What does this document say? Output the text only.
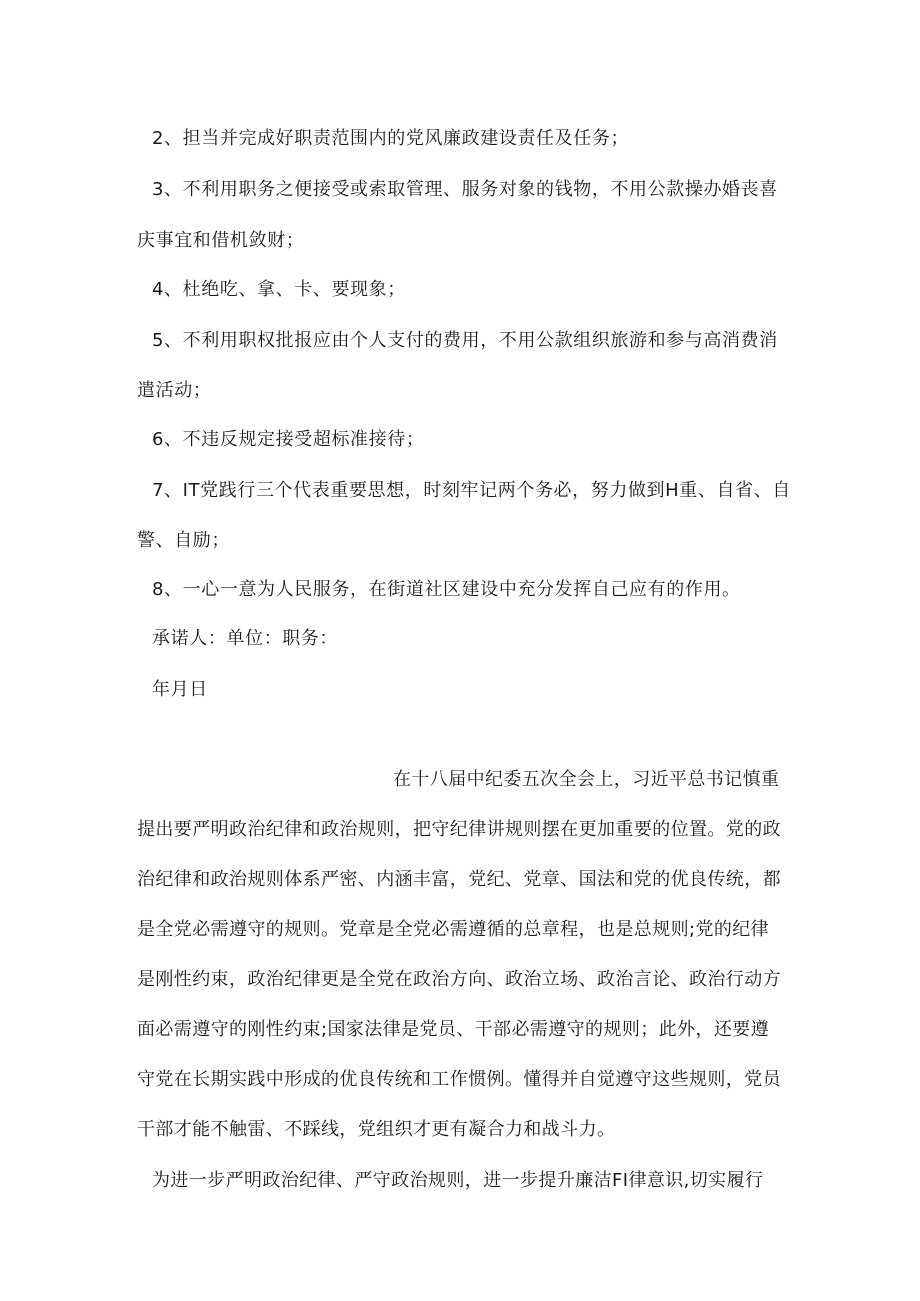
2、担当并完成好职责范围内的党风廉政建设责任及任务；
3、不利用职务之便接受或索取管理、服务对象的钱物，不用公款操办婚丧喜
庆事宜和借机敛财；
4、杜绝吃、拿、卡、要现象；
5、不利用职权批报应由个人支付的费用，不用公款组织旅游和参与高消费消
遣活动；
6、不违反规定接受超标准接待；
7、IT党践行三个代表重要思想，时刻牢记两个务必，努力做到H重、自省、自
警、自励；
8、一心一意为人民服务，在街道社区建设中充分发挥自己应有的作用。
承诺人：单位：职务：
年月日
在十八届中纪委五次全会上，习近平总书记慎重
提出要严明政治纪律和政治规则，把守纪律讲规则摆在更加重要的位置。党的政
治纪律和政治规则体系严密、内涵丰富，党纪、党章、国法和党的优良传统，都
是全党必需遵守的规则。党章是全党必需遵循的总章程，也是总规则;党的纪律
是刚性约束，政治纪律更是全党在政治方向、政治立场、政治言论、政治行动方
面必需遵守的刚性约束;国家法律是党员、干部必需遵守的规则；此外，还要遵
守党在长期实践中形成的优良传统和工作惯例。懂得并自觉遵守这些规则，党员
干部才能不触雷、不踩线，党组织才更有凝合力和战斗力。
为进一步严明政治纪律、严守政治规则，进一步提升廉洁FI律意识,切实履行
